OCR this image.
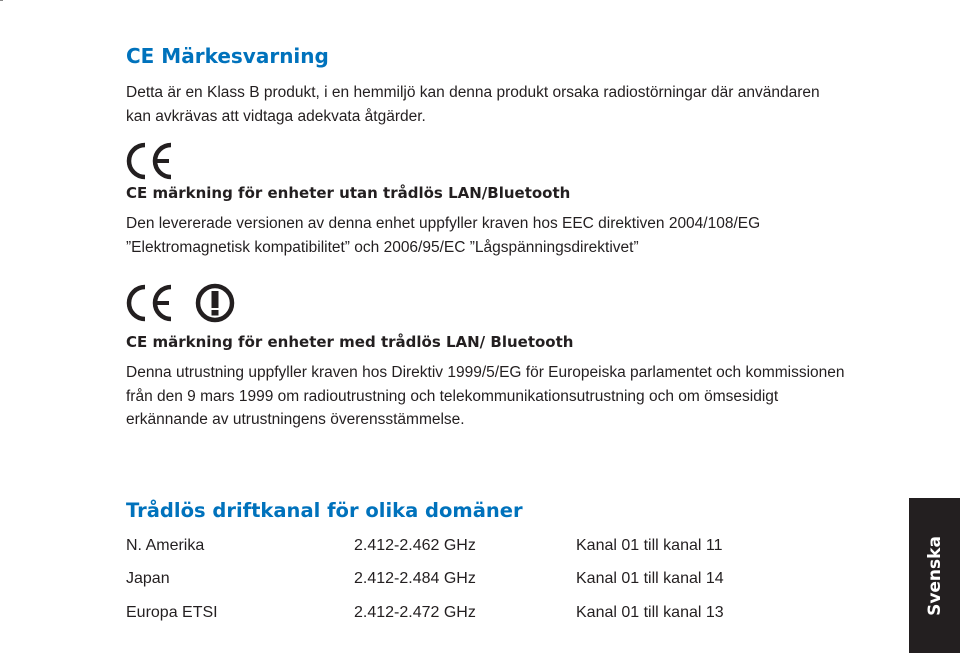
CE Märkesvarning
Detta är en Klass B produkt, i en hemmiljö kan denna produkt orsaka radiostörningar där användaren kan avkrävas att vidtaga adekvata åtgärder.
CE märkning för enheter utan trådlös LAN/Bluetooth
Den levererade versionen av denna enhet uppfyller kraven hos EEC direktiven 2004/108/EG ”Elektromagnetisk kompatibilitet” och 2006/95/EC ”Lågspänningsdirektivet”
CE märkning för enheter med trådlös LAN/ Bluetooth
Denna utrustning uppfyller kraven hos Direktiv 1999/5/EG för Europeiska parlamentet och kommissionen från den 9 mars 1999 om radioutrustning och telekommunikationsutrustning och om ömsesidigt erkännande av utrustningens överensstämmelse.
Trådlös driftkanal för olika domäner
N. Amerika	2.412-2.462 GHz	Kanal 01 till kanal 11
Japan	2.412-2.484 GHz	Kanal 01 till kanal 14
Europa ETSI	2.412-2.472 GHz	Kanal 01 till kanal 13	Svenska
